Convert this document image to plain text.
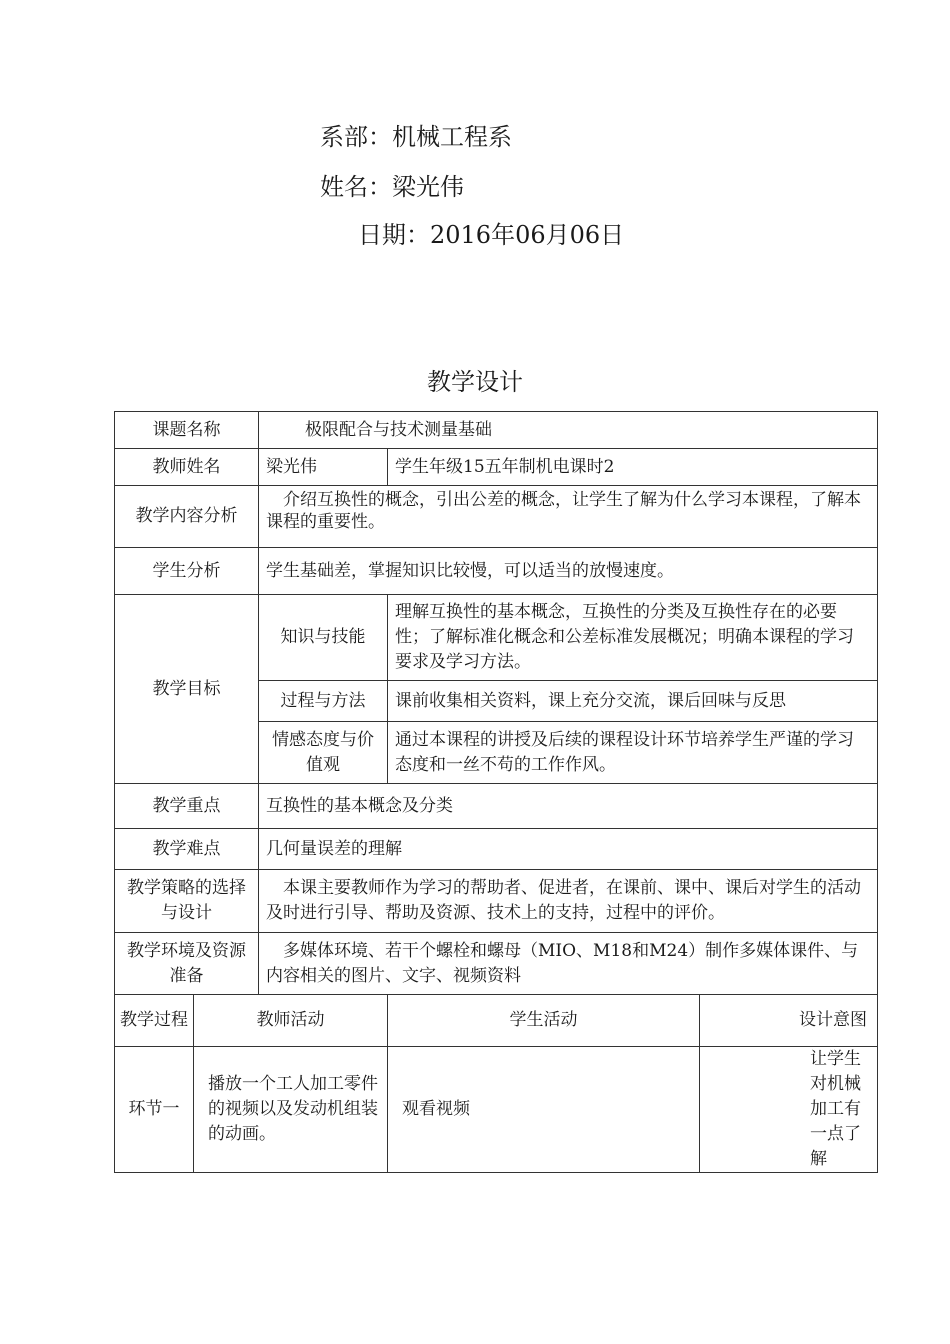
系部：机械工程系
姓名：梁光伟
日期：2016年06月06日
教学设计
课题名称		极限配合与技术测量基础		
教师姓名		梁光伟	学生年级15五年制机电课时2	
教学内容分析		介绍互换性的概念，引出公差的概念，让学生了解为什么学习本课程，了解本课程的重要性。		
学生分析		学生基础差，掌握知识比较慢，可以适当的放慢速度。		
教学目标		知识与技能	理解互换性的基本概念，互换性的分类及互换性存在的必要性；了解标准化概念和公差标准发展概况；明确本课程的学习要求及学习方法。	
		过程与方法	课前收集相关资料，课上充分交流，课后回味与反思	
		情感态度与价值观	通过本课程的讲授及后续的课程设计环节培养学生严谨的学习态度和一丝不苟的工作作风。	
教学重点		互换性的基本概念及分类		
教学难点		几何量误差的理解		
教学策略的选择与设计		本课主要教师作为学习的帮助者、促进者，在课前、课中、课后对学生的活动及时进行引导、帮助及资源、技术上的支持，过程中的评价。		
教学环境及资源准备		多媒体环境、若干个螺栓和螺母（MIO、M18和M24）制作多媒体课件、与内容相关的图片、文字、视频资料		
教学过程	教师活动		学生活动	设计意图
环节一	播放一个工人加工零件的视频以及发动机组装的动画。		观看视频	让学生对机械加工有一点了解
